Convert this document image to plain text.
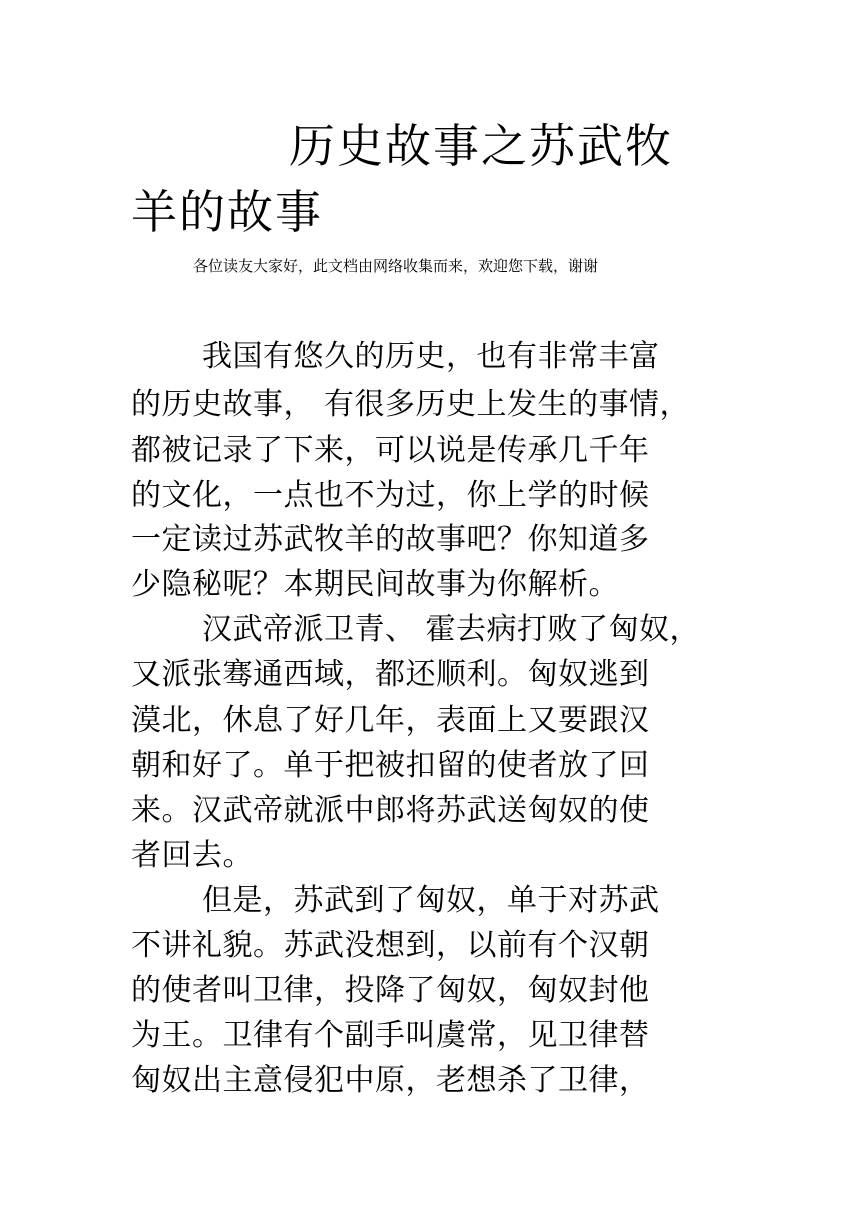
历史故事之苏武牧
羊的故事
各位读友大家好，此文档由网络收集而来，欢迎您下载，谢谢
我国有悠久的历史，也有非常丰富
的历史故事， 有很多历史上发生的事情，
都被记录了下来，可以说是传承几千年
的文化，一点也不为过，你上学的时候
一定读过苏武牧羊的故事吧？你知道多
少隐秘呢？本期民间故事为你解析。
汉武帝派卫青、 霍去病打败了匈奴，
又派张骞通西域，都还顺利。匈奴逃到
漠北，休息了好几年，表面上又要跟汉
朝和好了。单于把被扣留的使者放了回
来。汉武帝就派中郎将苏武送匈奴的使
者回去。
但是，苏武到了匈奴，单于对苏武
不讲礼貌。苏武没想到，以前有个汉朝
的使者叫卫律，投降了匈奴，匈奴封他
为王。卫律有个副手叫虞常，见卫律替
匈奴出主意侵犯中原，老想杀了卫律，
